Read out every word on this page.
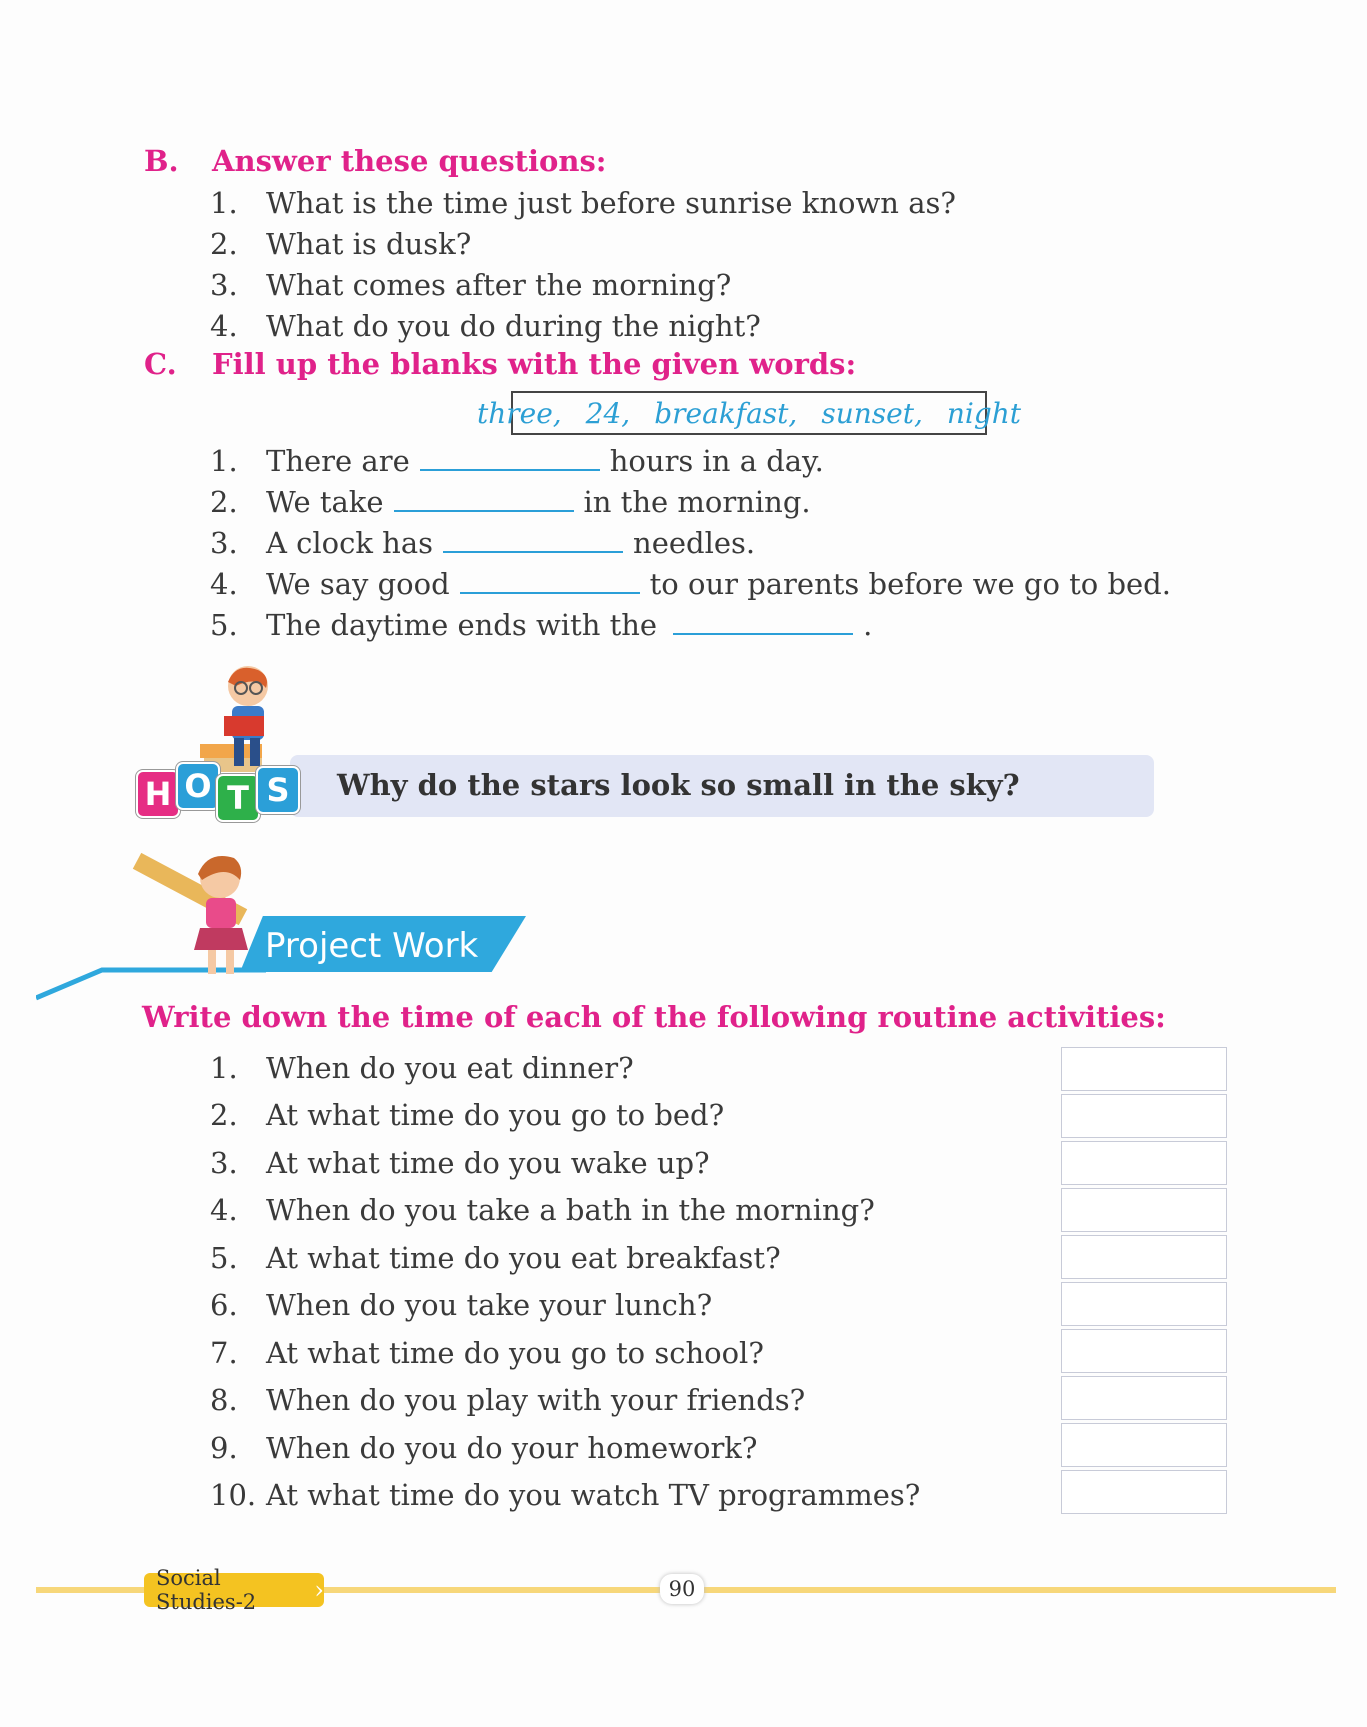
B. Answer these questions:
1. What is the time just before sunrise known as?
2. What is dusk?
3. What comes after the morning?
4. What do you do during the night?
C. Fill up the blanks with the given words:
three, 24, breakfast, sunset, night
1. There are	hours in a day.
2. We take	in the morning.
3. A clock has	needles.
4. We say good	to our parents before we go to bed.
5. The daytime ends with the	.
H O T S	Why do the stars look so small in the sky?
Project Work
Write down the time of each of the following routine activities:
1. When do you eat dinner?
2. At what time do you go to bed?
3. At what time do you wake up?
4. When do you take a bath in the morning?
5. At what time do you eat breakfast?
6. When do you take your lunch?
7. At what time do you go to school?
8. When do you play with your friends?
9. When do you do your homework?
10. At what time do you watch TV programmes?
Social Studies-2	›	90
